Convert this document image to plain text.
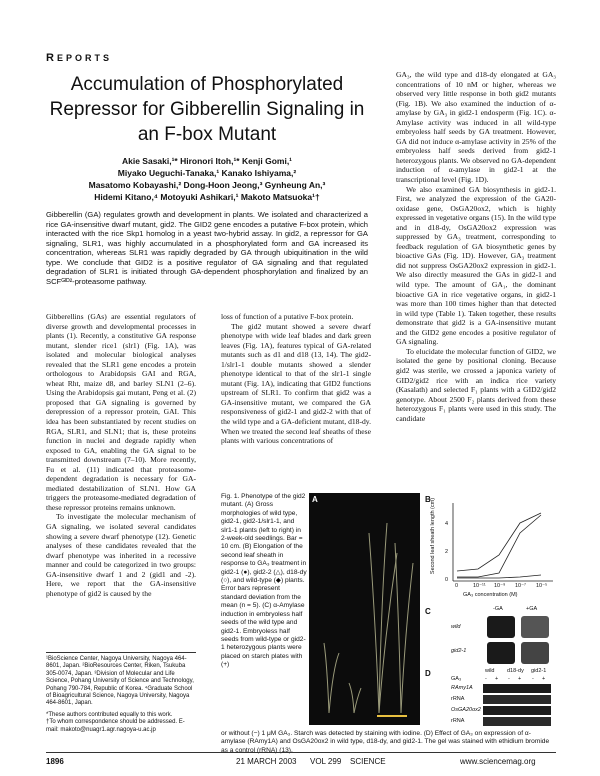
REPORTS
Accumulation of Phosphorylated Repressor for Gibberellin Signaling in an F-box Mutant
Akie Sasaki,¹* Hironori Itoh,¹* Kenji Gomi,¹
Miyako Ueguchi-Tanaka,¹ Kanako Ishiyama,²
Masatomo Kobayashi,² Dong-Hoon Jeong,³ Gynheung An,³
Hidemi Kitano,⁴ Motoyuki Ashikari,¹ Makoto Matsuoka¹†
Gibberellin (GA) regulates growth and development in plants. We isolated and characterized a rice GA-insensitive dwarf mutant, gid2. The GID2 gene encodes a putative F-box protein, which interacted with the rice Skp1 homolog in a yeast two-hybrid assay. In gid2, a repressor for GA signaling, SLR1, was highly accumulated in a phosphorylated form and GA increased its concentration, whereas SLR1 was rapidly degraded by GA through ubiquitination in the wild type. We conclude that GID2 is a positive regulator of GA signaling and that regulated degradation of SLR1 is initiated through GA-dependent phosphorylation and finalized by an SCFᴳᴵᴰ²-proteasome pathway.

Gibberellins (GAs) are essential regulators of diverse growth and developmental processes in plants (1). Recently, a constitutive GA response mutant, slender rice1 (slr1) (Fig. 1A), was isolated and molecular biological analyses revealed that the SLR1 gene encodes a protein orthologous to Arabidopsis GAI and RGA, wheat Rht, maize d8, and barley SLN1 (2–6). Using the Arabidopsis gai mutant, Peng et al. (2) proposed that GA signaling is governed by derepression of a repressor protein, GAI. This idea has been substantiated by recent studies on RGA, SLR1, and SLN1; that is, these proteins function in nuclei and degrade rapidly when exposed to GA, enabling the GA signal to be transmitted downstream (7–10). More recently, Fu et al. (11) indicated that proteasome-dependent degradation is necessary for GA-mediated destabilization of SLN1. How GA triggers the proteasome-mediated degradation of these repressor proteins remains unknown.

To investigate the molecular mechanism of GA signaling, we isolated several candidates showing a severe dwarf phenotype (12). Genetic analyses of these candidates revealed that the dwarf phenotype was inherited in a recessive manner and could be categorized in two groups: GA-insensitive dwarf 1 and 2 (gid1 and -2). Here, we report that the GA-insensitive phenotype of gid2 is caused by the

¹BioScience Center, Nagoya University, Nagoya 464-8601, Japan. ²BioResources Center, Riken, Tsukuba 305-0074, Japan. ³Division of Molecular and Life Science, Pohang University of Science and Technology, Pohang 790-784, Republic of Korea. ⁴Graduate School of Bioagricultural Science, Nagoya University, Nagoya 464-8601, Japan.
*These authors contributed equally to this work.
†To whom correspondence should be addressed. E-mail: makoto@nuagr1.agr.nagoya-u.ac.jp

loss of function of a putative F-box protein.

The gid2 mutant showed a severe dwarf phenotype with wide leaf blades and dark green leaves (Fig. 1A), features typical of GA-related mutants such as d1 and d18 (13, 14). The gid2-1/slr1-1 double mutants showed a slender phenotype identical to that of the slr1-1 single mutant (Fig. 1A), indicating that GID2 functions upstream of SLR1. To confirm that gid2 was a GA-insensitive mutant, we compared the GA responsiveness of gid2-1 and gid2-2 with that of the wild type and a GA-deficient mutant, d18-dy. When we treated the second leaf sheaths of these plants with various concentrations of

GA₃, the wild type and d18-dy elongated at GA₃ concentrations of 10 nM or higher, whereas we observed very little response in both gid2 mutants (Fig. 1B). We also examined the induction of α-amylase by GA₃ in gid2-1 endosperm (Fig. 1C). α-Amylase activity was induced in all wild-type embryoless half seeds by GA treatment. However, GA did not induce α-amylase activity in 25% of the embryoless half seeds derived from gid2-1 heterozygous plants. We observed no GA-dependent induction of α-amylase in gid2-1 at the transcriptional level (Fig. 1D).

We also examined GA biosynthesis in gid2-1. First, we analyzed the expression of the GA20-oxidase gene, OsGA20ox2, which is highly expressed in vegetative organs (15). In the wild type and in d18-dy, OsGA20ox2 expression was suppressed by GA₃ treatment, corresponding to feedback regulation of GA biosynthetic genes by bioactive GAs (Fig. 1D). However, GA₃ treatment did not suppress OsGA20ox2 expression in gid2-1. We also directly measured the GAs in gid2-1 and wild type. The amount of GA₁, the dominant bioactive GA in rice vegetative organs, in gid2-1 was more than 100 times higher than that detected in wild type (Table 1). Taken together, these results demonstrate that gid2 is a GA-insensitive mutant and the GID2 gene encodes a positive regulator of GA signaling.

To elucidate the molecular function of GID2, we isolated the gene by positional cloning. Because gid2 was sterile, we crossed a japonica variety of GID2/gid2 rice with an indica rice variety (Kasalath) and selected F₁ plants with a GID2/gid2 genotype. About 2500 F₂ plants derived from these heterozygous F₁ plants were used in this study. The candidate

Fig. 1. Phenotype of the gid2 mutant. (A) Gross morphologies of wild type, gid2-1, gid2-1/slr1-1, and slr1-1 plants (left to right) in 2-week-old seedlings. Bar = 10 cm. (B) Elongation of the second leaf sheath in response to GA₃ treatment in gid2-1 (●), gid2-2 (△), d18-dy (○), and wild-type (◆) plants. Error bars represent standard deviation from the mean (n = 5). (C) α-Amylase induction in embryoless half seeds of the wild type and gid2-1. Embryoless half seeds from wild-type or gid2-1 heterozygous plants were placed on starch plates with (+)
A	B Second leaf sheath length (cm) 4
2
0
0	10⁻¹¹ 10⁻⁹ 10⁻⁷ 10⁻⁵
GA₃ concentration (M)
C	-GA	+GA
wild
gid2-1
D	wild d18-dy gid2-1
GA₃	- + - + - +
RAmy1A
rRNA
OsGA20ox2
rRNA
or without (−) 1 μM GA₃. Starch was detected by staining with iodine. (D) Effect of GA₃ on expression of α-amylase (RAmy1A) and OsGA20ox2 in wild type, d18-dy, and gid2-1. The gel was stained with ethidium bromide as a control (rRNA) (13).
1896	21 MARCH 2003 VOL 299 SCIENCE	www.sciencemag.org
